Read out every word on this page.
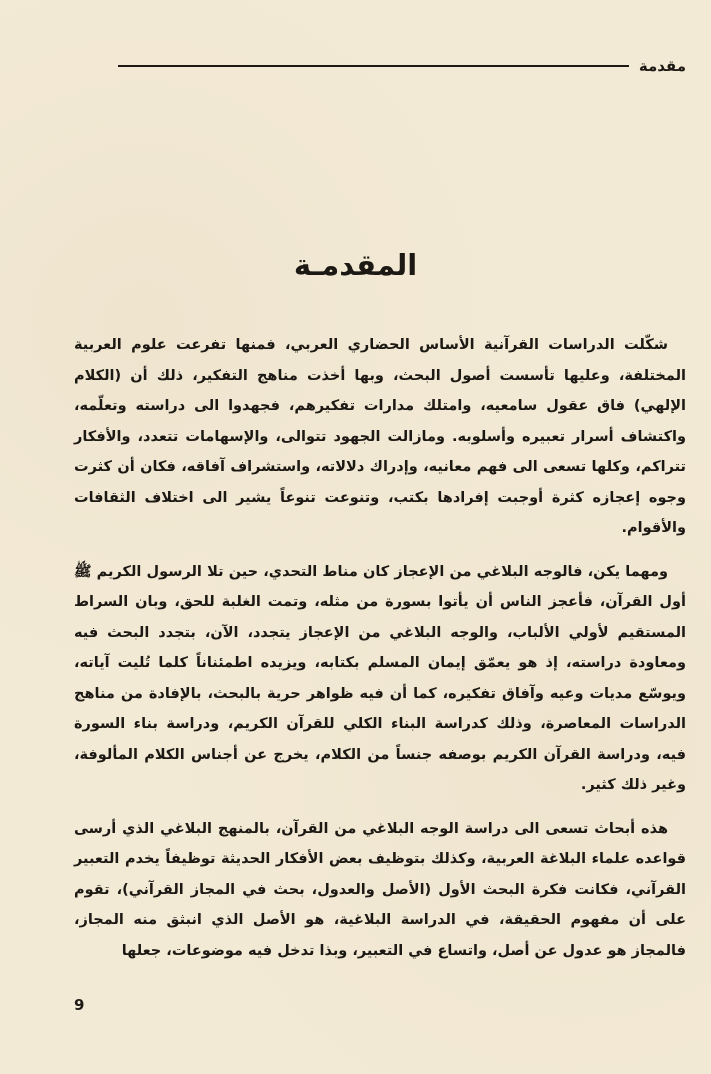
مقدمة
المقدمـة

شكّلت الدراسات القرآنية الأساس الحضاري العربي، فمنها تفرعت علوم العربية المختلفة، وعليها تأسست أصول البحث، وبها أخذت مناهج التفكير، ذلك أن (الكلام الإلهي) فاق عقول سامعيه، وامتلك مدارات تفكيرهم، فجهدوا الى دراسته وتعلّمه، واكتشاف أسرار تعبيره وأسلوبه. ومازالت الجهود تتوالى، والإسهامات تتعدد، والأفكار تتراكم، وكلها تسعى الى فهم معانيه، وإدراك دلالاته، واستشراف آفاقه، فكان أن كثرت وجوه إعجازه كثرة أوجبت إفرادها بكتب، وتنوعت تنوعاً يشير الى اختلاف الثقافات والأقوام.

ومهما يكن، فالوجه البلاغي من الإعجاز كان مناط التحدي، حين تلا الرسول الكريم ﷺ أول القرآن، فأعجز الناس أن يأتوا بسورة من مثله، وتمت الغلبة للحق، وبان السراط المستقيم لأولي الألباب، والوجه البلاغي من الإعجاز يتجدد، الآن، بتجدد البحث فيه ومعاودة دراسته، إذ هو يعمّق إيمان المسلم بكتابه، ويزيده اطمئناناً كلما تُليت آياته، ويوسّع مديات وعيه وآفاق تفكيره، كما أن فيه ظواهر حرية بالبحث، بالإفادة من مناهج الدراسات المعاصرة، وذلك كدراسة البناء الكلي للقرآن الكريم، ودراسة بناء السورة فيه، ودراسة القرآن الكريم بوصفه جنساً من الكلام، يخرج عن أجناس الكلام المألوفة، وغير ذلك كثير.

هذه أبحاث تسعى الى دراسة الوجه البلاغي من القرآن، بالمنهج البلاغي الذي أرسى قواعده علماء البلاغة العربية، وكذلك بتوظيف بعض الأفكار الحديثة توظيفاً يخدم التعبير القرآني، فكانت فكرة البحث الأول (الأصل والعدول، بحث في المجاز القرآني)، تقوم على أن مفهوم الحقيقة، في الدراسة البلاغية، هو الأصل الذي انبثق منه المجاز، فالمجاز هو عدول عن أصل، واتساع في التعبير، وبذا تدخل فيه موضوعات، جعلها

9
